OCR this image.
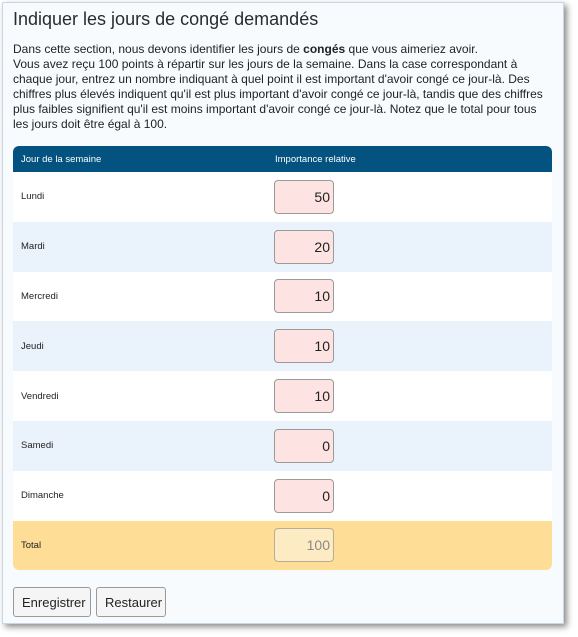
Indiquer les jours de congé demandés
Dans cette section, nous devons identifier les jours de congés que vous aimeriez avoir.
Vous avez reçu 100 points à répartir sur les jours de la semaine. Dans la case correspondant à chaque jour, entrez un nombre indiquant à quel point il est important d'avoir congé ce jour-là. Des chiffres plus élevés indiquent qu'il est plus important d'avoir congé ce jour-là, tandis que des chiffres plus faibles signifient qu'il est moins important d'avoir congé ce jour-là. Notez que le total pour tous les jours doit être égal à 100.
Jour de la semaine	Importance relative
Lundi	50
Mardi	20
Mercredi	10
Jeudi	10
Vendredi	10
Samedi	0
Dimanche	0
Total	100
Enregistrer	Restaurer
